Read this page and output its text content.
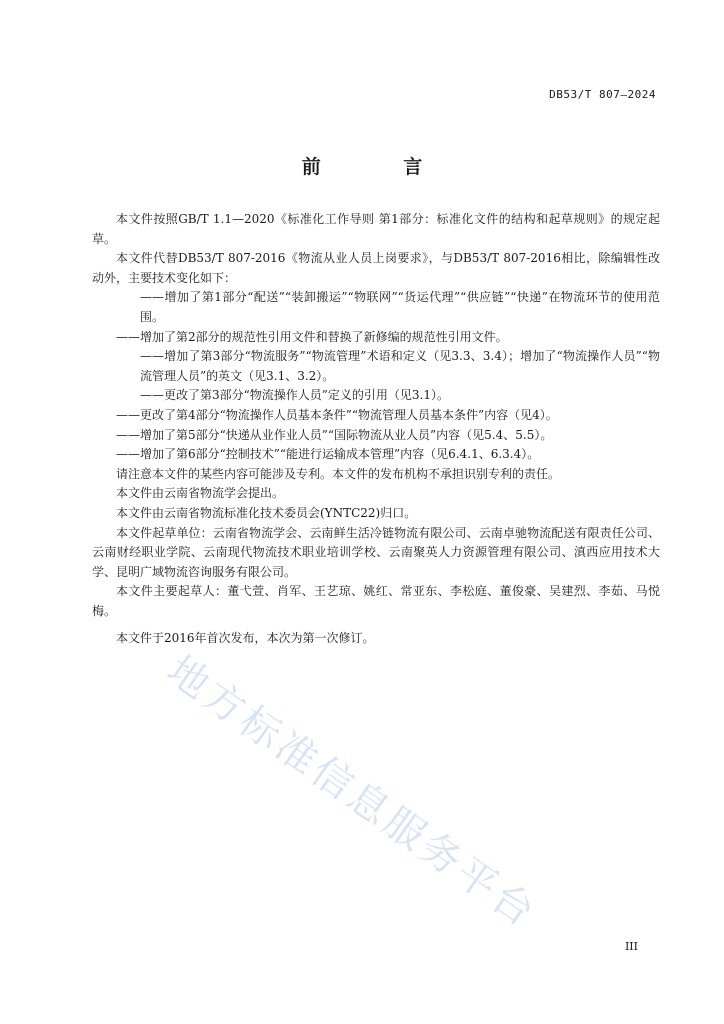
DB53/T 807—2024
前 言

本文件按照GB/T 1.1—2020《标准化工作导则 第1部分：标准化文件的结构和起草规则》的规定起草。

本文件代替DB53/T 807-2016《物流从业人员上岗要求》，与DB53/T 807-2016相比，除编辑性改动外，主要技术变化如下：

——增加了第1部分“配送”“装卸搬运”“物联网”“货运代理”“供应链”“快递”在物流环节的使用范围。

——增加了第2部分的规范性引用文件和替换了新修编的规范性引用文件。

——增加了第3部分“物流服务”“物流管理”术语和定义（见3.3、3.4）；增加了“物流操作人员”“物流管理人员”的英文（见3.1、3.2）。

——更改了第3部分“物流操作人员”定义的引用（见3.1）。

——更改了第4部分“物流操作人员基本条件”“物流管理人员基本条件”内容（见4）。

——增加了第5部分“快递从业作业人员”“国际物流从业人员”内容（见5.4、5.5）。

——增加了第6部分“控制技术”“能进行运输成本管理”内容（见6.4.1、6.3.4）。

请注意本文件的某些内容可能涉及专利。本文件的发布机构不承担识别专利的责任。

本文件由云南省物流学会提出。

本文件由云南省物流标准化技术委员会(YNTC22)归口。

本文件起草单位：云南省物流学会、云南鲜生活冷链物流有限公司、云南卓驰物流配送有限责任公司、云南财经职业学院、云南现代物流技术职业培训学校、云南聚英人力资源管理有限公司、滇西应用技术大学、昆明广域物流咨询服务有限公司。

本文件主要起草人：董弋萱、肖军、王艺琼、姚红、常亚东、李松庭、董俊豪、吴建烈、李茹、马悦梅。

本文件于2016年首次发布，本次为第一次修订。

地方标准信息服务平台
III
